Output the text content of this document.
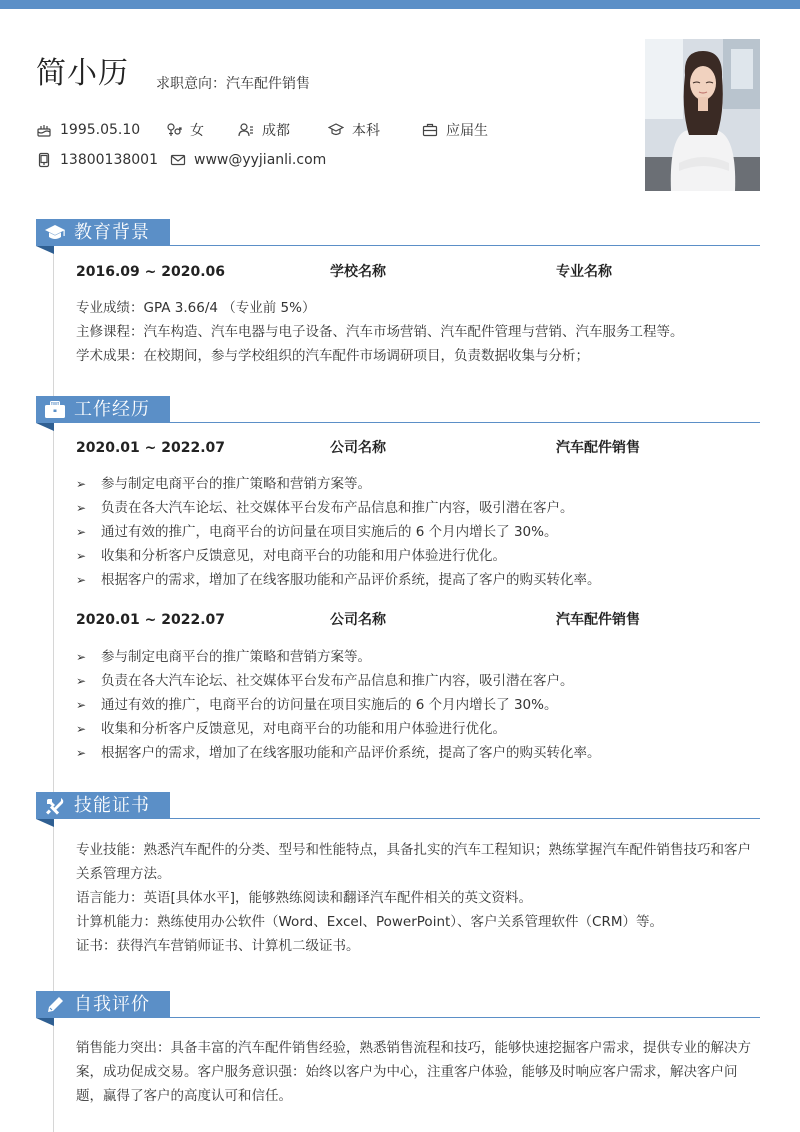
简小历 求职意向：汽车配件销售
1995.05.10	女	成都	本科	应届生
13800138001	www@yyjianli.com
教育背景
2016.09 ~ 2020.06	学校名称	专业名称

专业成绩：GPA 3.66/4 （专业前 5%）

主修课程：汽车构造、汽车电器与电子设备、汽车市场营销、汽车配件管理与营销、汽车服务工程等。

学术成果：在校期间，参与学校组织的汽车配件市场调研项目，负责数据收集与分析；

工作经历
2020.01 ~ 2022.07	公司名称	汽车配件销售
➢ 参与制定电商平台的推广策略和营销方案等。
➢ 负责在各大汽车论坛、社交媒体平台发布产品信息和推广内容，吸引潜在客户。
➢ 通过有效的推广，电商平台的访问量在项目实施后的 6 个月内增长了 30%。
➢ 收集和分析客户反馈意见，对电商平台的功能和用户体验进行优化。
➢ 根据客户的需求，增加了在线客服功能和产品评价系统，提高了客户的购买转化率。
2020.01 ~ 2022.07	公司名称	汽车配件销售
➢ 参与制定电商平台的推广策略和营销方案等。
➢ 负责在各大汽车论坛、社交媒体平台发布产品信息和推广内容，吸引潜在客户。
➢ 通过有效的推广，电商平台的访问量在项目实施后的 6 个月内增长了 30%。
➢ 收集和分析客户反馈意见，对电商平台的功能和用户体验进行优化。
➢ 根据客户的需求，增加了在线客服功能和产品评价系统，提高了客户的购买转化率。
技能证书

专业技能：熟悉汽车配件的分类、型号和性能特点，具备扎实的汽车工程知识；熟练掌握汽车配件销售技巧和客户关系管理方法。

语言能力：英语[具体水平]，能够熟练阅读和翻译汽车配件相关的英文资料。

计算机能力：熟练使用办公软件（Word、Excel、PowerPoint）、客户关系管理软件（CRM）等。

证书：获得汽车营销师证书、计算机二级证书。

自我评价

销售能力突出：具备丰富的汽车配件销售经验，熟悉销售流程和技巧，能够快速挖掘客户需求，提供专业的解决方案，成功促成交易。客户服务意识强：始终以客户为中心，注重客户体验，能够及时响应客户需求，解决客户问题，赢得了客户的高度认可和信任。
